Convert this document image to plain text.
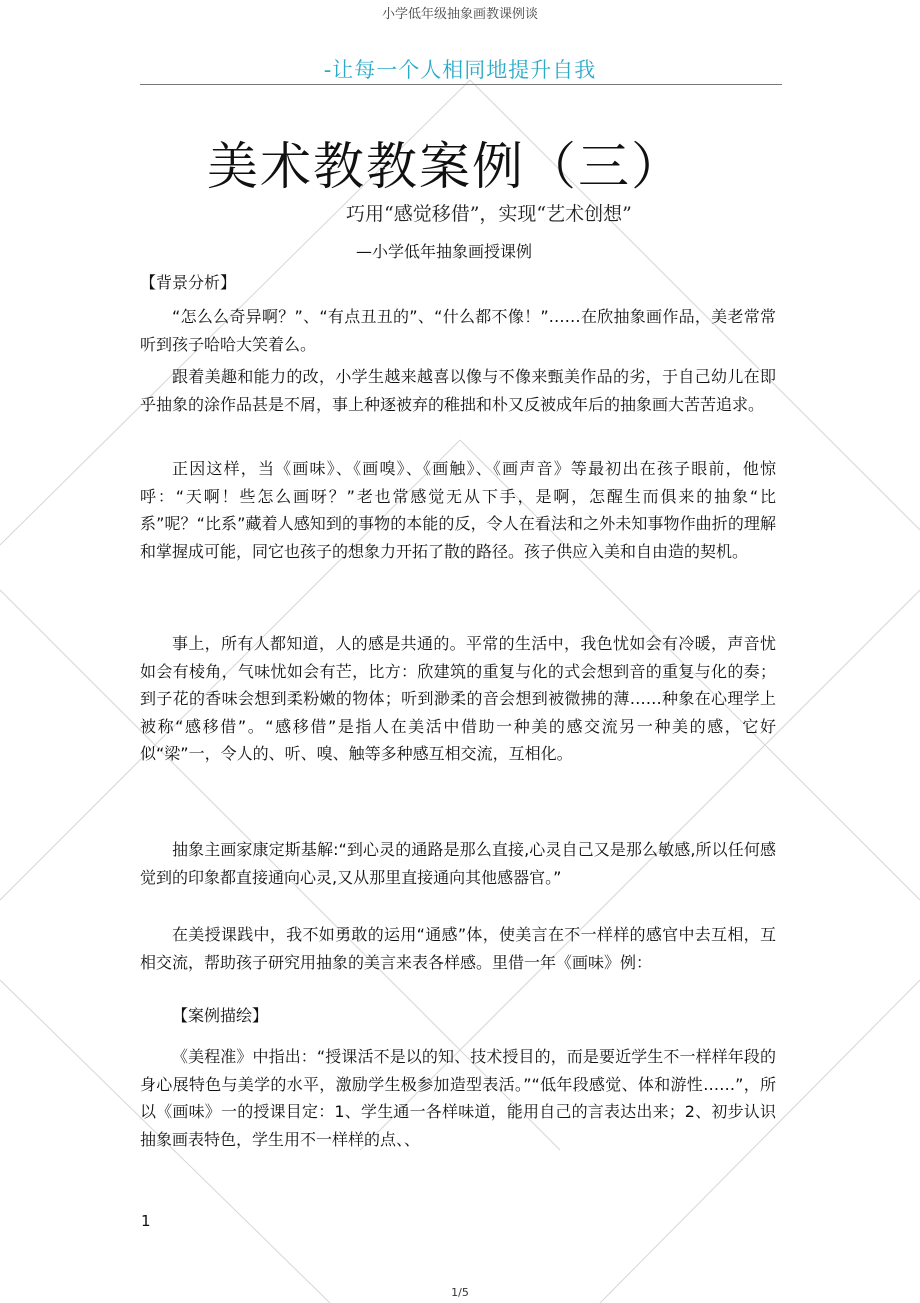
小学低年级抽象画教课例谈
-让每一个人相同地提升自我
美术教教案例（三）
巧用“感觉移借”，实现“艺术创想”
—小学低年抽象画授课例
【背景分析】

“怎么么奇异啊？”、“有点丑丑的”、“什么都不像！”……在欣抽象画作品，美老常常听到孩子哈哈大笑着么。

跟着美趣和能力的改，小学生越来越喜以像与不像来甄美作品的劣，于自己幼儿在即乎抽象的涂作品甚是不屑，事上种逐被弃的稚拙和朴又反被成年后的抽象画大苦苦追求。

正因这样，当《画味》、《画嗅》、《画触》、《画声音》等最初出在孩子眼前，他惊呼：“天啊！些怎么画呀？”老也常感觉无从下手，是啊，怎醒生而俱来的抽象“比系”呢？“比系”藏着人感知到的事物的本能的反，令人在看法和之外未知事物作曲折的理解和掌握成可能，同它也孩子的想象力开拓了散的路径。孩子供应入美和自由造的契机。

事上，所有人都知道，人的感是共通的。平常的生活中，我色忧如会有冷暖，声音忧如会有棱角，气味忧如会有芒，比方：欣建筑的重复与化的式会想到音的重复与化的奏；到子花的香味会想到柔粉嫩的物体；听到渺柔的音会想到被微拂的薄……种象在心理学上被称“感移借”。“感移借”是指人在美活中借助一种美的感交流另一种美的感，它好似“梁”一，令人的、听、嗅、触等多种感互相交流，互相化。

抽象主画家康定斯基解:“到心灵的通路是那么直接,心灵自己又是那么敏感,所以任何感觉到的印象都直接通向心灵,又从那里直接通向其他感器官。”

在美授课践中，我不如勇敢的运用“通感”体，使美言在不一样样的感官中去互相，互相交流，帮助孩子研究用抽象的美言来表各样感。里借一年《画味》例：

【案例描绘】

《美程准》中指出：“授课活不是以的知、技术授目的，而是要近学生不一样样年段的身心展特色与美学的水平，激励学生极参加造型表活。”“低年段感觉、体和游性……”，所以《画味》一的授课目定：1、学生通一各样味道，能用自己的言表达出来；2、初步认识抽象画表特色，学生用不一样样的点、、

1
1/5
